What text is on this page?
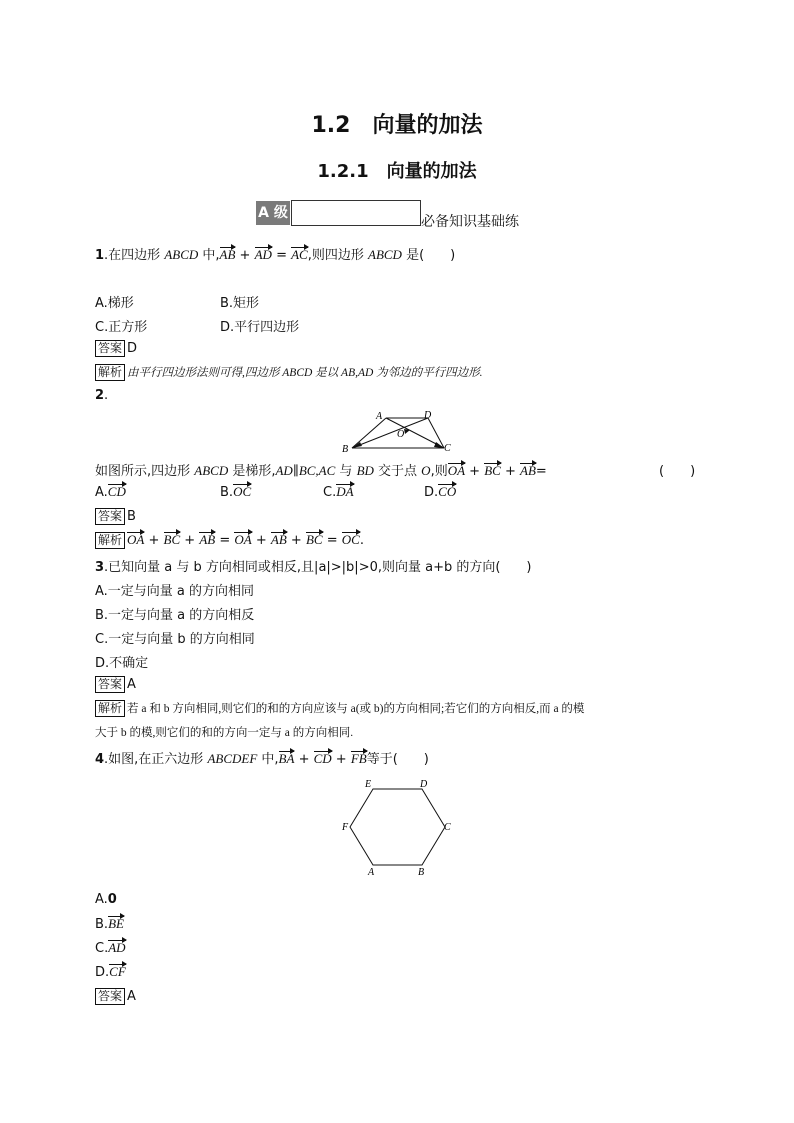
1.2　向量的加法
1.2.1　向量的加法
A 级
必备知识基础练
1.在四边形 ABCD 中,AB + AD = AC,则四边形 ABCD 是(　　)
A.梯形	B.矩形
C.正方形	D.平行四边形
答案 D
解析 由平行四边形法则可得,四边形 ABCD 是以 AB,AD 为邻边的平行四边形.
2.
A	D
O
B	C
如图所示,四边形 ABCD 是梯形,AD∥BC,AC 与 BD 交于点 O,则OA + BC + AB=	(　　)
A.CD	B.OC	C.DA	D.CO
答案 B
解析 OA + BC + AB = OA + AB + BC = OC.
3.已知向量 a 与 b 方向相同或相反,且|a|>|b|>0,则向量 a+b 的方向(　　)
A.一定与向量 a 的方向相同
B.一定与向量 a 的方向相反
C.一定与向量 b 的方向相同
D.不确定
答案 A
解析 若 a 和 b 方向相同,则它们的和的方向应该与 a(或 b)的方向相同;若它们的方向相反,而 a 的模
大于 b 的模,则它们的和的方向一定与 a 的方向相同.
4.如图,在正六边形 ABCDEF 中,BA + CD + FB等于(　　)
E	D
C
F
A	B
A.0
B.BE
C.AD
D.CF
答案 A
